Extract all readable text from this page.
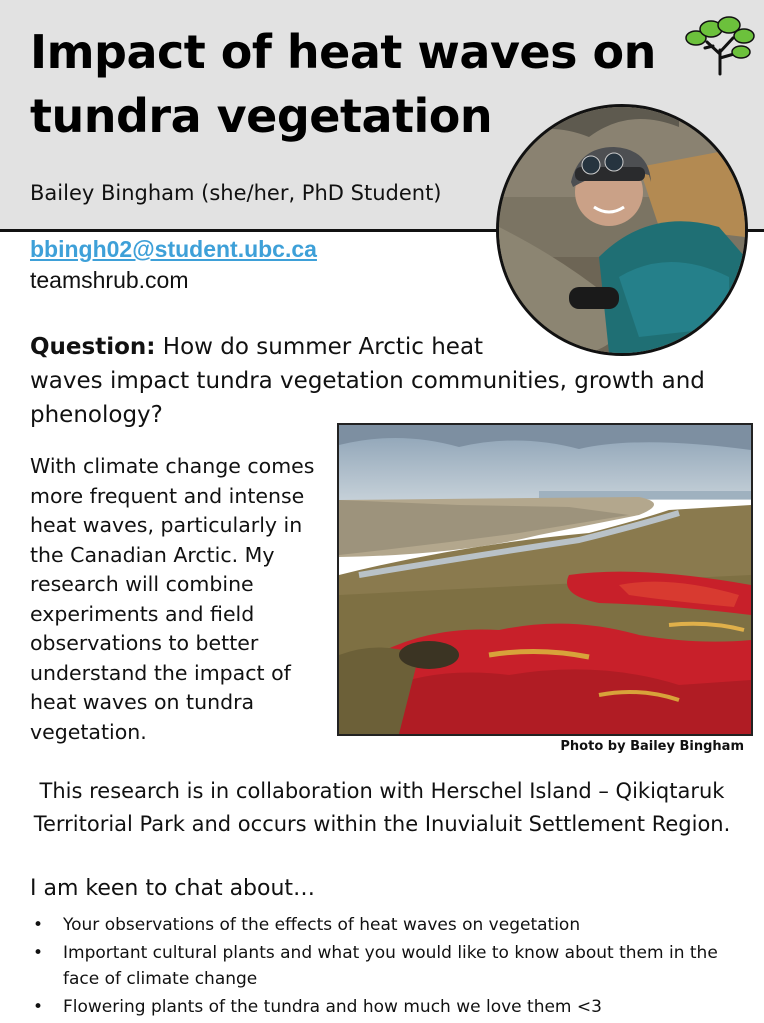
Impact of heat waves on tundra vegetation
Bailey Bingham (she/her, PhD Student)
bbingh02@student.ubc.ca
teamshrub.com

Question: How do summer Arctic heat
waves impact tundra vegetation communities, growth and phenology?

With climate change comes more frequent and intense heat waves, particularly in the Canadian Arctic. My research will combine experiments and field observations to better understand the impact of heat waves on tundra vegetation.

Photo by Bailey Bingham

This research is in collaboration with Herschel Island – Qikiqtaruk Territorial Park and occurs within the Inuvialuit Settlement Region.

I am keen to chat about…
• Your observations of the effects of heat waves on vegetation
• Important cultural plants and what you would like to know about them in the face of climate change
• Flowering plants of the tundra and how much we love them <3
